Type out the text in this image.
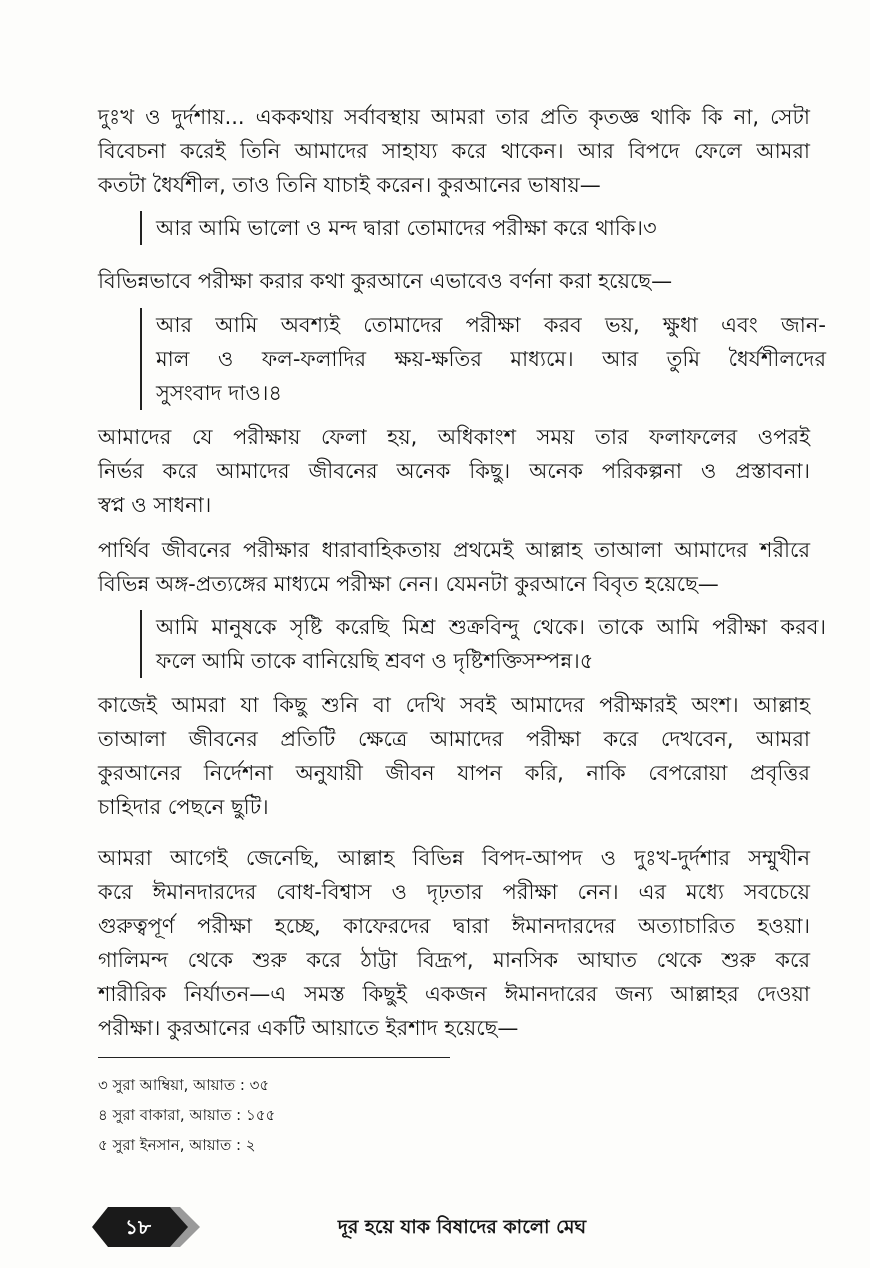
দুঃখ ও দুর্দশায়... এককথায় সর্বাবস্থায় আমরা তার প্রতি কৃতজ্ঞ থাকি কি না, সেটা
বিবেচনা করেই তিনি আমাদের সাহায্য করে থাকেন। আর বিপদে ফেলে আমরা
কতটা ধৈর্যশীল, তাও তিনি যাচাই করেন। কুরআনের ভাষায়—

আর আমি ভালো ও মন্দ দ্বারা তোমাদের পরীক্ষা করে থাকি।৩

বিভিন্নভাবে পরীক্ষা করার কথা কুরআনে এভাবেও বর্ণনা করা হয়েছে—

আর আমি অবশ্যই তোমাদের পরীক্ষা করব ভয়, ক্ষুধা এবং জান-
মাল ও ফল-ফলাদির ক্ষয়-ক্ষতির মাধ্যমে। আর তুমি ধৈর্যশীলদের
সুসংবাদ দাও।৪

আমাদের যে পরীক্ষায় ফেলা হয়, অধিকাংশ সময় তার ফলাফলের ওপরই
নির্ভর করে আমাদের জীবনের অনেক কিছু। অনেক পরিকল্পনা ও প্রস্তাবনা।
স্বপ্ন ও সাধনা।

পার্থিব জীবনের পরীক্ষার ধারাবাহিকতায় প্রথমেই আল্লাহ তাআলা আমাদের শরীরে
বিভিন্ন অঙ্গ-প্রত্যঙ্গের মাধ্যমে পরীক্ষা নেন। যেমনটা কুরআনে বিবৃত হয়েছে—

আমি মানুষকে সৃষ্টি করেছি মিশ্র শুক্রবিন্দু থেকে। তাকে আমি পরীক্ষা করব।
ফলে আমি তাকে বানিয়েছি শ্রবণ ও দৃষ্টিশক্তিসম্পন্ন।৫

কাজেই আমরা যা কিছু শুনি বা দেখি সবই আমাদের পরীক্ষারই অংশ। আল্লাহ
তাআলা জীবনের প্রতিটি ক্ষেত্রে আমাদের পরীক্ষা করে দেখবেন, আমরা
কুরআনের নির্দেশনা অনুযায়ী জীবন যাপন করি, নাকি বেপরোয়া প্রবৃত্তির
চাহিদার পেছনে ছুটি।

আমরা আগেই জেনেছি, আল্লাহ বিভিন্ন বিপদ-আপদ ও দুঃখ-দুর্দশার সম্মুখীন
করে ঈমানদারদের বোধ-বিশ্বাস ও দৃঢ়তার পরীক্ষা নেন। এর মধ্যে সবচেয়ে
গুরুত্বপূর্ণ পরীক্ষা হচ্ছে, কাফেরদের দ্বারা ঈমানদারদের অত্যাচারিত হওয়া।
গালিমন্দ থেকে শুরু করে ঠাট্টা বিদ্রূপ, মানসিক আঘাত থেকে শুরু করে
শারীরিক নির্যাতন—এ সমস্ত কিছুই একজন ঈমানদারের জন্য আল্লাহর দেওয়া
পরীক্ষা। কুরআনের একটি আয়াতে ইরশাদ হয়েছে—

৩ সুরা আম্বিয়া, আয়াত : ৩৫
৪ সুরা বাকারা, আয়াত : ১৫৫
৫ সুরা ইনসান, আয়াত : ২
১৮	দূর হয়ে যাক বিষাদের কালো মেঘ
